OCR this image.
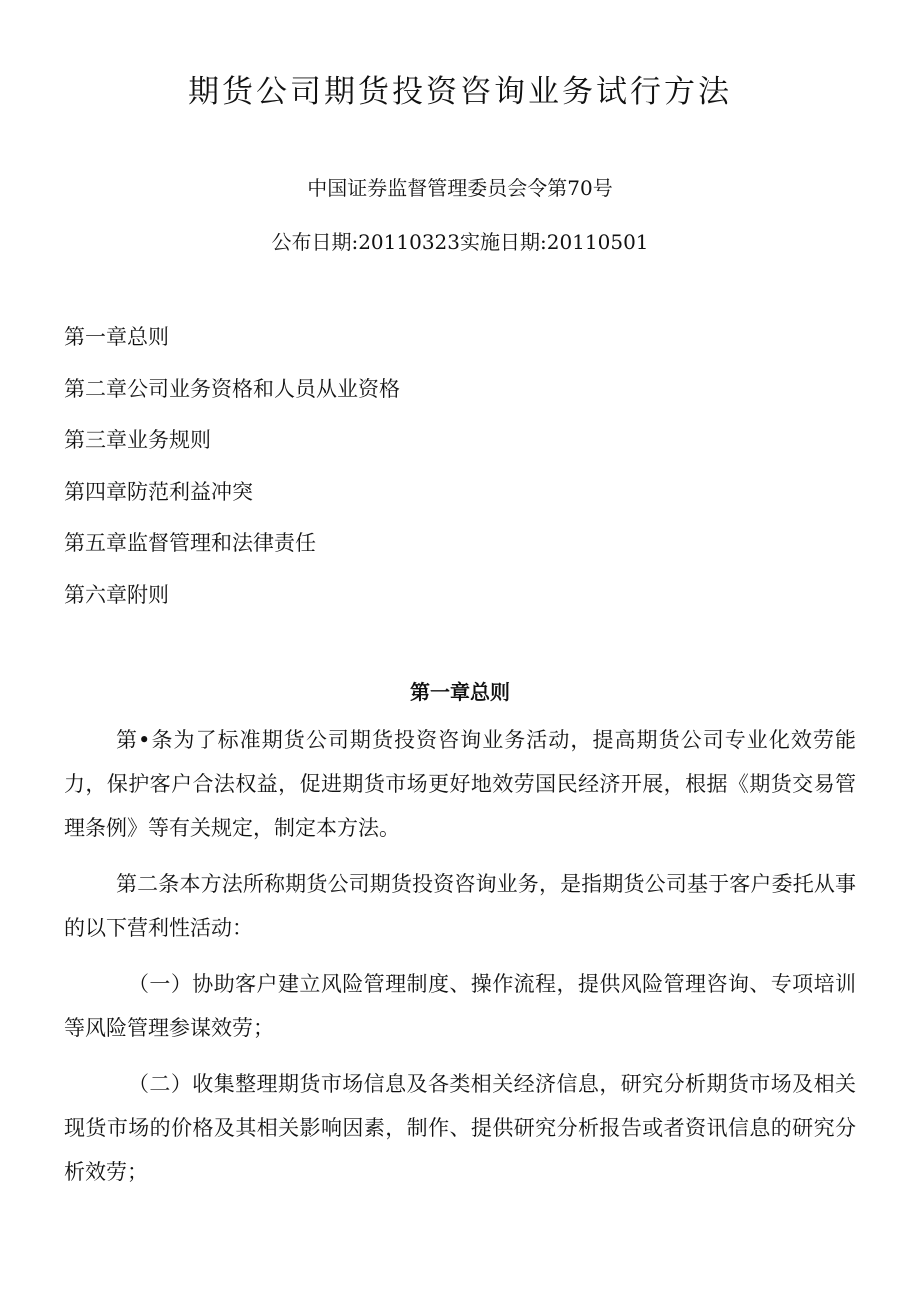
期货公司期货投资咨询业务试行方法

中国证券监督管理委员会令第70号

公布日期:20110323实施日期:20110501

第一章总则
第二章公司业务资格和人员从业资格
第三章业务规则
第四章防范利益冲突
第五章监督管理和法律责任
第六章附则
第一章总则

第•条为了标准期货公司期货投资咨询业务活动，提高期货公司专业化效劳能力，保护客户合法权益，促进期货市场更好地效劳国民经济开展，根据《期货交易管理条例》等有关规定，制定本方法。

第二条本方法所称期货公司期货投资咨询业务，是指期货公司基于客户委托从事的以下营利性活动：

（一）协助客户建立风险管理制度、操作流程，提供风险管理咨询、专项培训等风险管理参谋效劳；

（二）收集整理期货市场信息及各类相关经济信息，研究分析期货市场及相关现货市场的价格及其相关影响因素，制作、提供研究分析报告或者资讯信息的研究分析效劳；
